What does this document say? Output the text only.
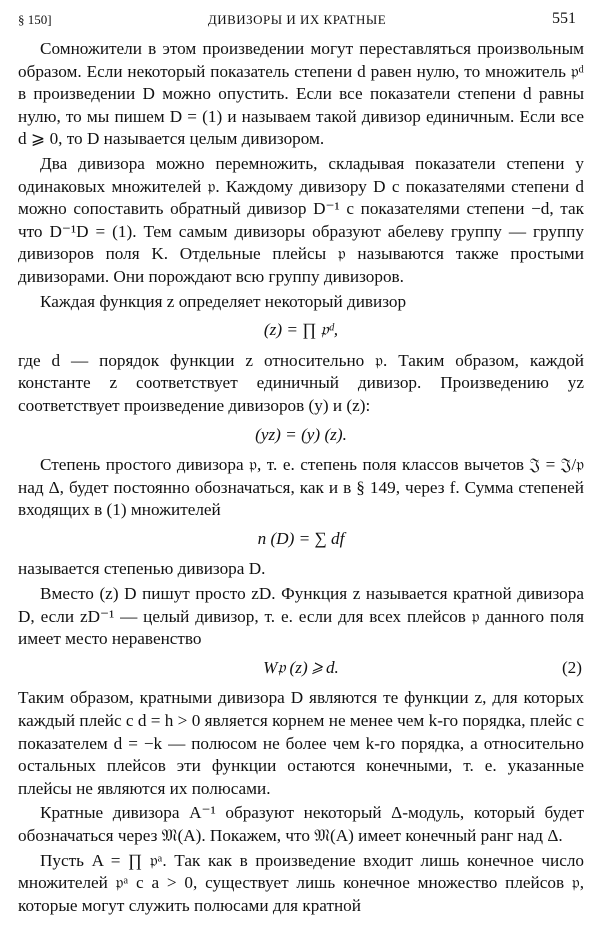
§ 150]	ДИВИЗОРЫ И ИХ КРАТНЫЕ	551

Сомножители в этом произведении могут переставляться произвольным образом. Если некоторый показатель степени d равен нулю, то множитель 𝔭ᵈ в произведении D можно опустить. Если все показатели степени d равны нулю, то мы пишем D = (1) и называем такой дивизор единичным. Если все d ⩾ 0, то D называется целым дивизором.

Два дивизора можно перемножить, складывая показатели степени у одинаковых множителей 𝔭. Каждому дивизору D с показателями степени d можно сопоставить обратный дивизор D⁻¹ с показателями степени −d, так что D⁻¹D = (1). Тем самым дивизоры образуют абелеву группу — группу дивизоров поля K. Отдельные плейсы 𝔭 называются также простыми дивизорами. Они порождают всю группу дивизоров.

Каждая функция z определяет некоторый дивизор

(z) = ∏ 𝔭ᵈ,

где d — порядок функции z относительно 𝔭. Таким образом, каждой константе z соответствует единичный дивизор. Произведению yz соответствует произведение дивизоров (y) и (z):

(yz) = (y) (z).

Степень простого дивизора 𝔭, т. е. степень поля классов вычетов 𝔍 = 𝔍/𝔭 над Δ, будет постоянно обозначаться, как и в § 149, через f. Сумма степеней входящих в (1) множителей

n (D) = ∑ df

называется степенью дивизора D.

Вместо (z) D пишут просто zD. Функция z называется кратной дивизора D, если zD⁻¹ — целый дивизор, т. е. если для всех плейсов 𝔭 данного поля имеет место неравенство

W𝔭 (z) ⩾ d.	(2)

Таким образом, кратными дивизора D являются те функции z, для которых каждый плейс с d = h > 0 является корнем не менее чем k-го порядка, плейс с показателем d = −k — полюсом не более чем k-го порядка, а относительно остальных плейсов эти функции остаются конечными, т. е. указанные плейсы не являются их полюсами.

Кратные дивизора A⁻¹ образуют некоторый Δ-модуль, который будет обозначаться через 𝔐(A). Покажем, что 𝔐(A) имеет конечный ранг над Δ.

Пусть A = ∏ 𝔭ᵃ. Так как в произведение входит лишь конечное число множителей 𝔭ᵃ с a > 0, существует лишь конечное множество плейсов 𝔭, которые могут служить полюсами для кратной
